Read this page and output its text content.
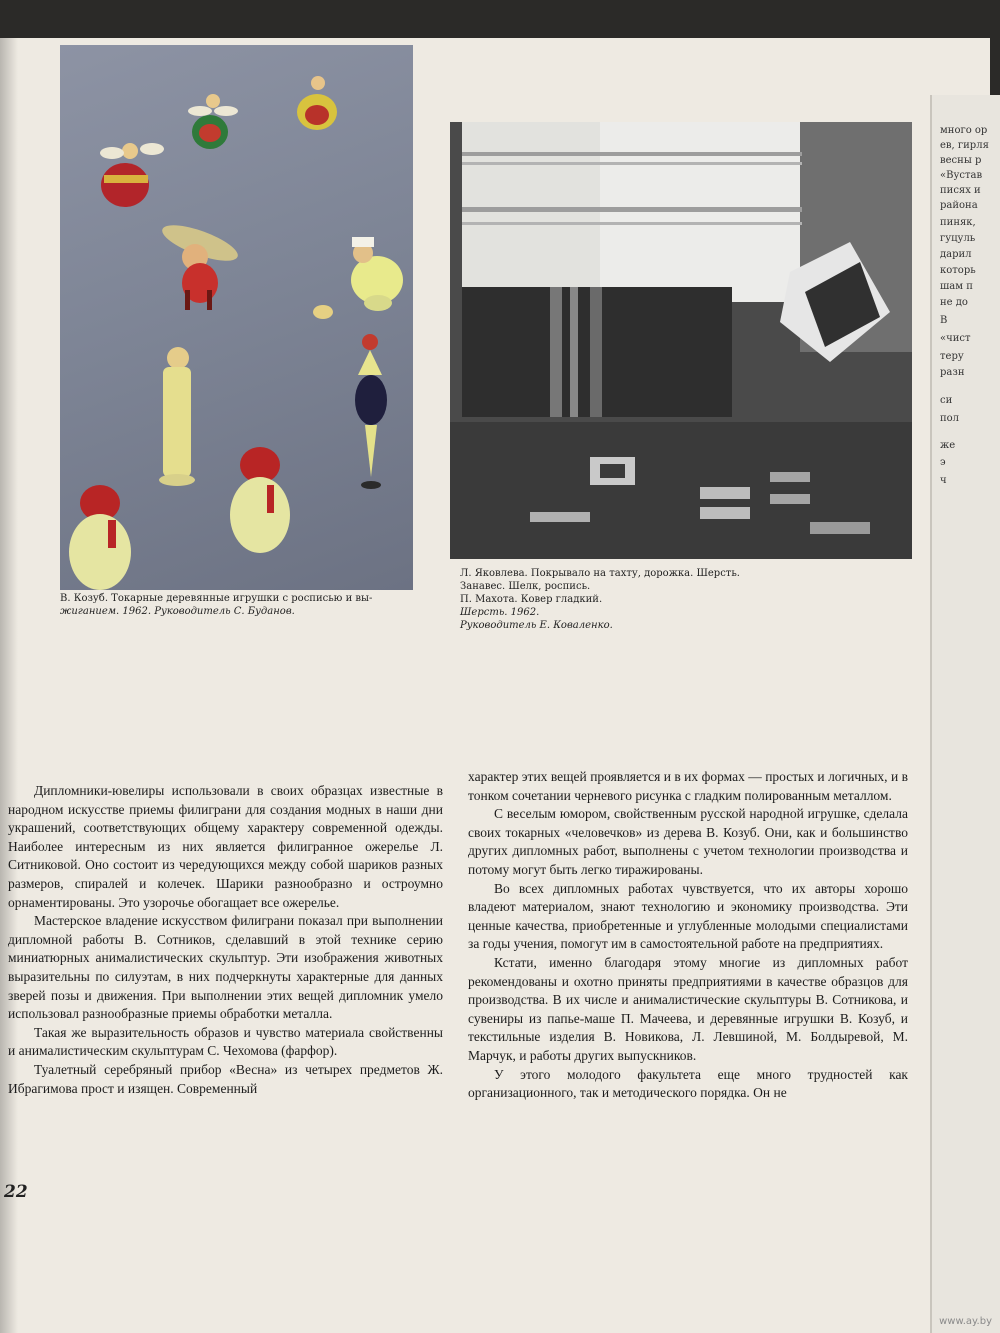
много ор
ев, гирля
весны р
«Вустав
писях и
района
пиняк,
гуцуль
дарил
которь
шам п
не до
В
«чист
теру
разн
си
пол
же
э
ч
В. Козуб. Токарные деревянные игрушки с росписью и вы-
жиганием. 1962. Руководитель С. Буданов.
Л. Яковлева. Покрывало на тахту, дорожка. Шерсть.
Занавес. Шелк, роспись.
П. Махота. Ковер гладкий.
Шерсть. 1962.
Руководитель Е. Коваленко.

Дипломники-ювелиры использовали в своих образцах известные в народном искусстве приемы филиграни для создания модных в наши дни украшений, соответствующих общему характеру современной одежды. Наиболее интересным из них является филигранное ожерелье Л. Ситниковой. Оно состоит из чередующихся между собой шариков разных размеров, спиралей и колечек. Шарики разнообразно и остроумно орнаментированы. Это узорочье обогащает все ожерелье.

Мастерское владение искусством филиграни показал при выполнении дипломной работы В. Сотников, сделавший в этой технике серию миниатюрных анималистических скульптур. Эти изображения животных выразительны по силуэтам, в них подчеркнуты характерные для данных зверей позы и движения. При выполнении этих вещей дипломник умело использовал разнообразные приемы обработки металла.

Такая же выразительность образов и чувство материала свойственны и анималистическим скульптурам С. Чехомова (фарфор).

Туалетный серебряный прибор «Весна» из четырех предметов Ж. Ибрагимова прост и изящен. Современный

характер этих вещей проявляется и в их формах — простых и логичных, и в тонком сочетании черневого рисунка с гладким полированным металлом.

С веселым юмором, свойственным русской народной игрушке, сделала своих токарных «человечков» из дерева В. Козуб. Они, как и большинство других дипломных работ, выполнены с учетом технологии производства и потому могут быть легко тиражированы.

Во всех дипломных работах чувствуется, что их авторы хорошо владеют материалом, знают технологию и экономику производства. Эти ценные качества, приобретенные и углубленные молодыми специалистами за годы учения, помогут им в самостоятельной работе на предприятиях.

Кстати, именно благодаря этому многие из дипломных работ рекомендованы и охотно приняты предприятиями в качестве образцов для производства. В их числе и анималистические скульптуры В. Сотникова, и сувениры из папье-маше П. Мачеева, и деревянные игрушки В. Козуб, и текстильные изделия В. Новикова, Л. Левшиной, М. Болдыревой, М. Марчук, и работы других выпускников.

У этого молодого факультета еще много трудностей как организационного, так и методического порядка. Он не

22
www.ay.by
